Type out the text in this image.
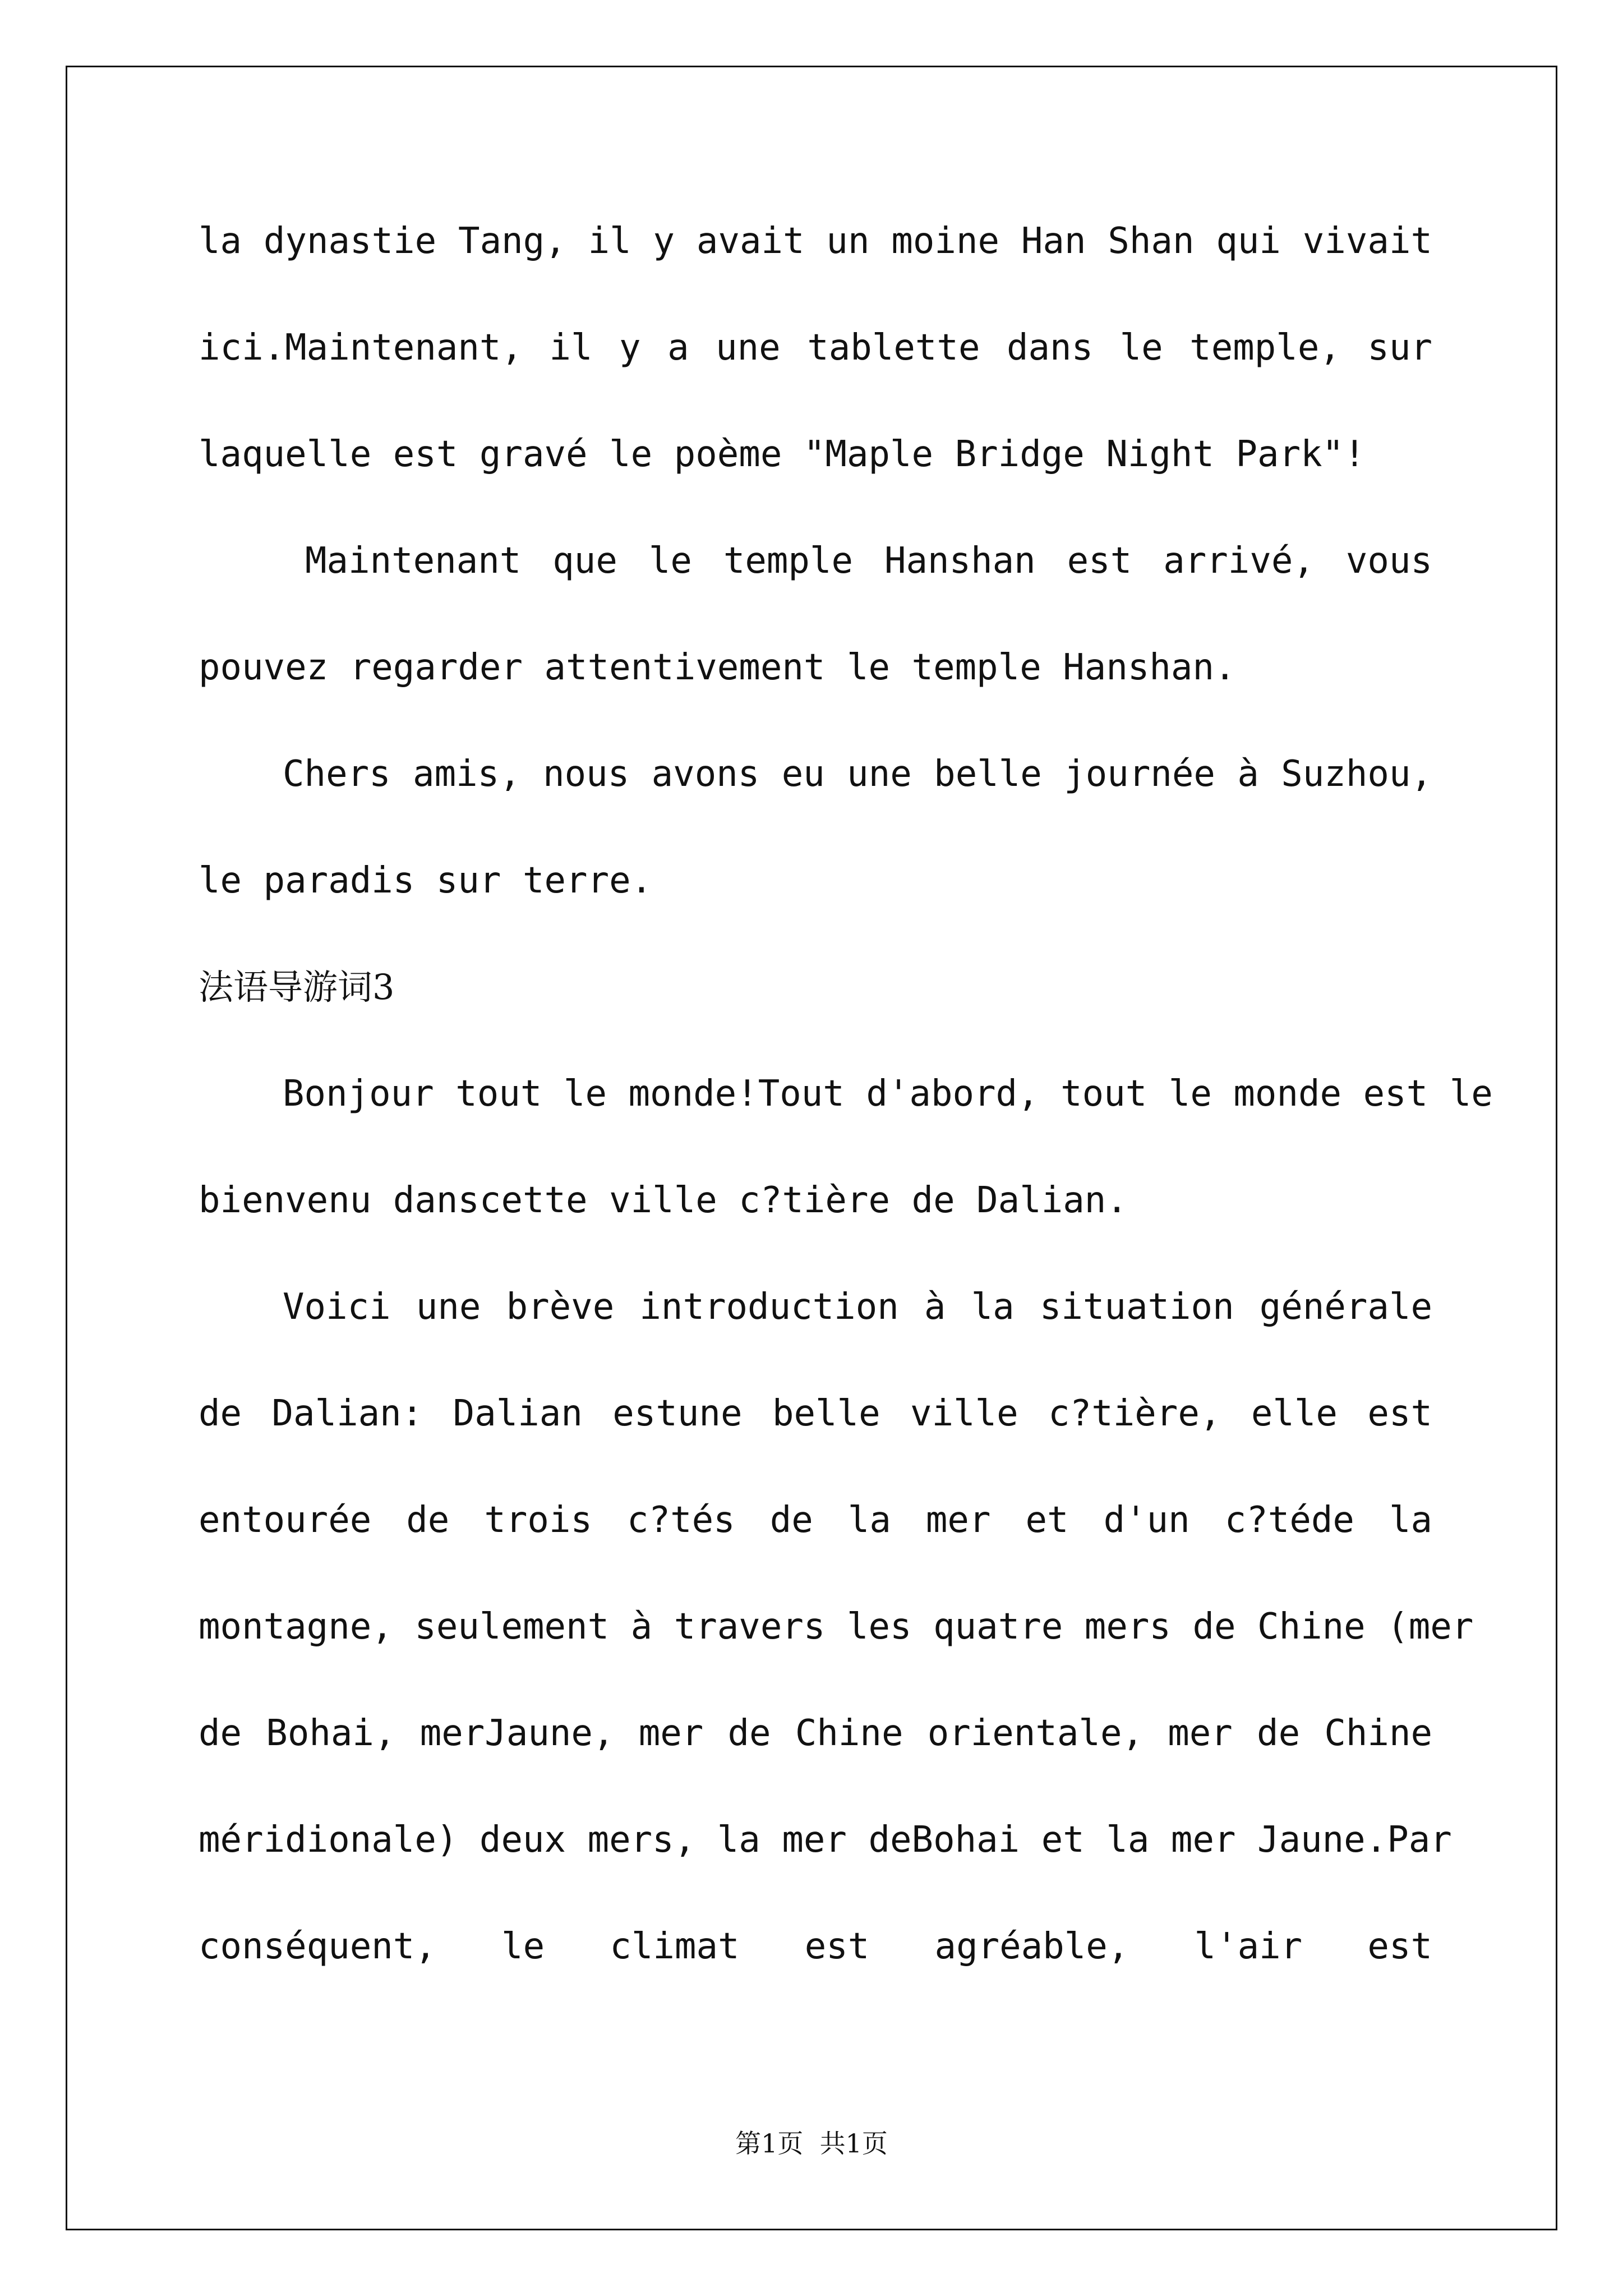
la dynastie Tang, il y avait un moine Han Shan qui vivait
ici.Maintenant, il y a une tablette dans le temple, sur
laquelle est gravé le poème "Maple Bridge Night Park"!
Maintenant que le temple Hanshan est arrivé, vous
pouvez regarder attentivement le temple Hanshan.
Chers amis, nous avons eu une belle journée à Suzhou,
le paradis sur terre.
法语导游词3
Bonjour tout le monde!Tout d'abord, tout le monde est le
bienvenu danscette ville c?tière de Dalian.
Voici une brève introduction à la situation générale
de Dalian: Dalian estune belle ville c?tière, elle est
entourée de trois c?tés de la mer et d'un c?téde la
montagne, seulement à travers les quatre mers de Chine (mer
de Bohai, merJaune, mer de Chine orientale, mer de Chine
méridionale) deux mers, la mer deBohai et la mer Jaune.Par
conséquent, le climat est agréable, l'air est
第1页  共1页
